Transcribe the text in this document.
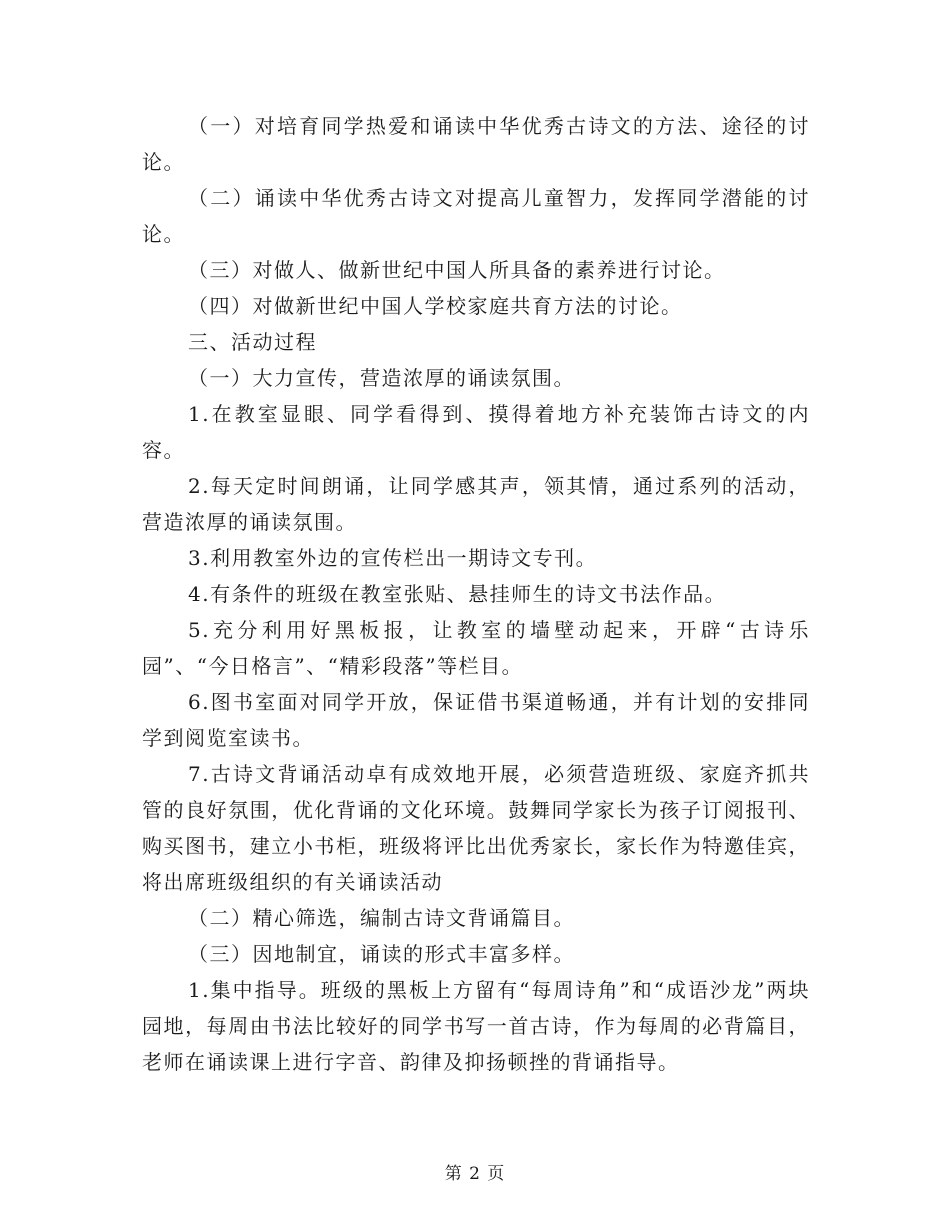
（一）对培育同学热爱和诵读中华优秀古诗文的方法、途径的讨论。

（二）诵读中华优秀古诗文对提高儿童智力，发挥同学潜能的讨论。

（三）对做人、做新世纪中国人所具备的素养进行讨论。

（四）对做新世纪中国人学校家庭共育方法的讨论。

三、活动过程

（一）大力宣传，营造浓厚的诵读氛围。

1.在教室显眼、同学看得到、摸得着地方补充装饰古诗文的内容。

2.每天定时间朗诵，让同学感其声，领其情，通过系列的活动，营造浓厚的诵读氛围。

3.利用教室外边的宣传栏出一期诗文专刊。

4.有条件的班级在教室张贴、悬挂师生的诗文书法作品。

5.充分利用好黑板报，让教室的墙壁动起来，开辟“古诗乐园”、“今日格言”、“精彩段落”等栏目。

6.图书室面对同学开放，保证借书渠道畅通，并有计划的安排同学到阅览室读书。

7.古诗文背诵活动卓有成效地开展，必须营造班级、家庭齐抓共管的良好氛围，优化背诵的文化环境。鼓舞同学家长为孩子订阅报刊、购买图书，建立小书柜，班级将评比出优秀家长，家长作为特邀佳宾，将出席班级组织的有关诵读活动

（二）精心筛选，编制古诗文背诵篇目。

（三）因地制宜，诵读的形式丰富多样。

1.集中指导。班级的黑板上方留有“每周诗角”和“成语沙龙”两块园地，每周由书法比较好的同学书写一首古诗，作为每周的必背篇目，老师在诵读课上进行字音、韵律及抑扬顿挫的背诵指导。

第 2 页
